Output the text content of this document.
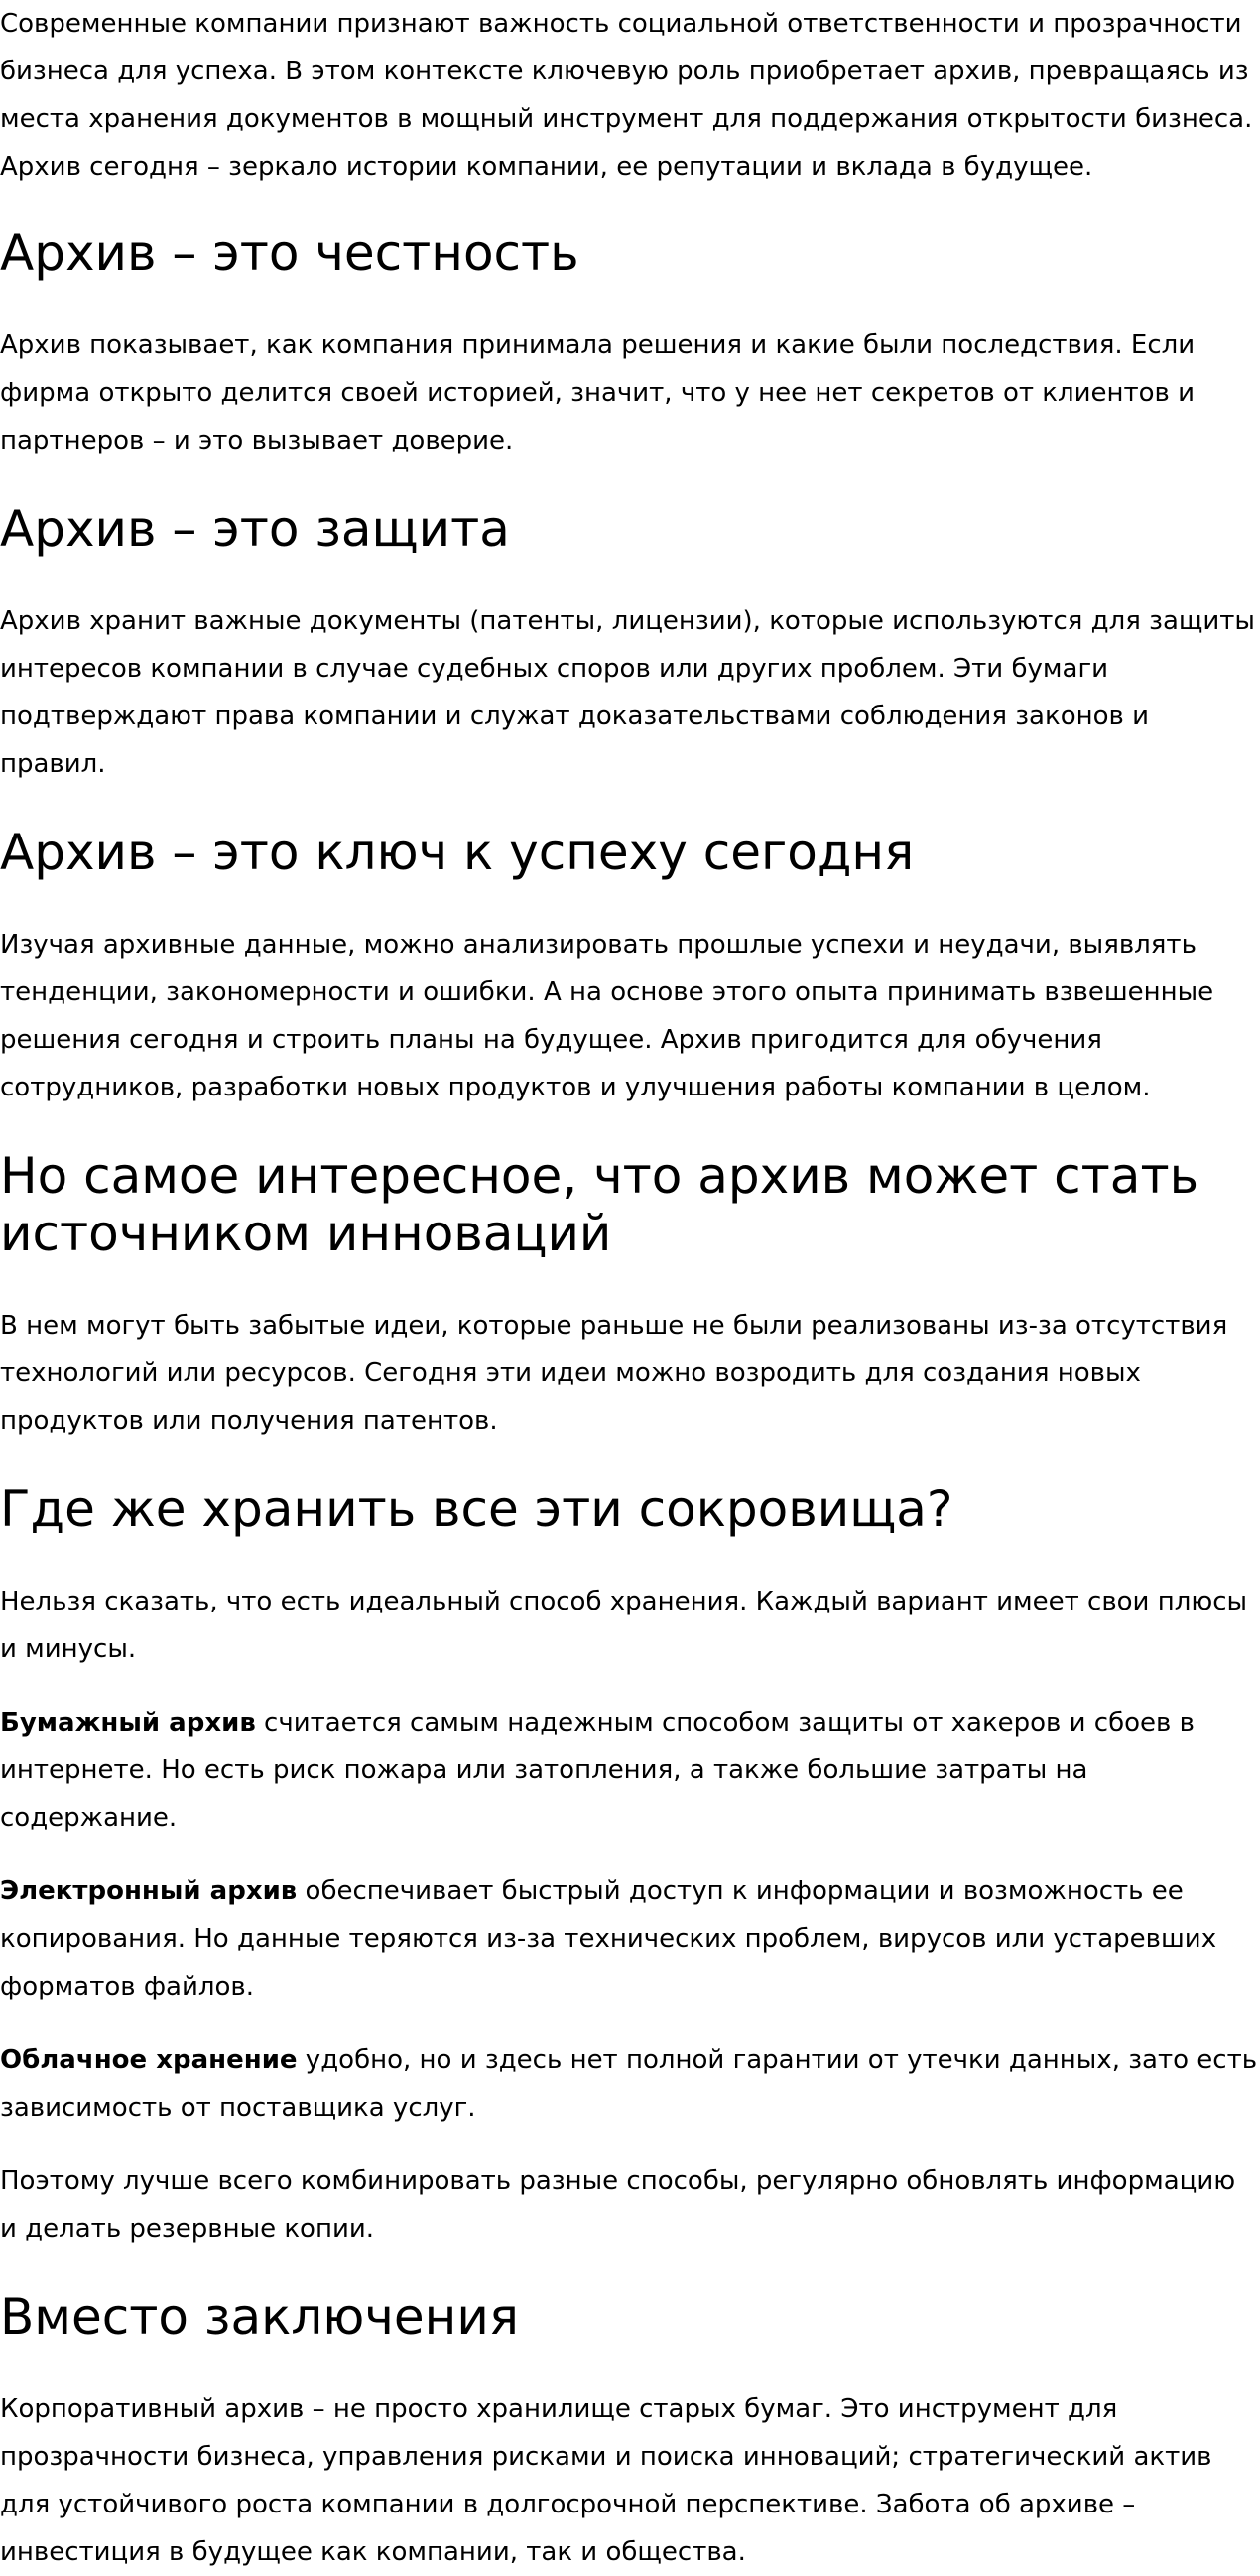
Современные компании признают важность социальной ответственности и прозрачности бизнеса для успеха. В этом контексте ключевую роль приобретает архив, превращаясь из места хранения документов в мощный инструмент для поддержания открытости бизнеса. Архив сегодня – зеркало истории компании, ее репутации и вклада в будущее.

Архив – это честность

Архив показывает, как компания принимала решения и какие были последствия. Если фирма открыто делится своей историей, значит, что у нее нет секретов от клиентов и партнеров – и это вызывает доверие.

Архив – это защита

Архив хранит важные документы (патенты, лицензии), которые используются для защиты интересов компании в случае судебных споров или других проблем. Эти бумаги подтверждают права компании и служат доказательствами соблюдения законов и правил.

Архив – это ключ к успеху сегодня

Изучая архивные данные, можно анализировать прошлые успехи и неудачи, выявлять тенденции, закономерности и ошибки. А на основе этого опыта принимать взвешенные решения сегодня и строить планы на будущее. Архив пригодится для обучения сотрудников, разработки новых продуктов и улучшения работы компании в целом.

Но самое интересное, что архив может стать источником инноваций

В нем могут быть забытые идеи, которые раньше не были реализованы из-за отсутствия технологий или ресурсов. Сегодня эти идеи можно возродить для создания новых продуктов или получения патентов.

Где же хранить все эти сокровища?

Нельзя сказать, что есть идеальный способ хранения. Каждый вариант имеет свои плюсы и минусы.

Бумажный архив считается самым надежным способом защиты от хакеров и сбоев в интернете. Но есть риск пожара или затопления, а также большие затраты на содержание.

Электронный архив обеспечивает быстрый доступ к информации и возможность ее копирования. Но данные теряются из-за технических проблем, вирусов или устаревших форматов файлов.

Облачное хранение удобно, но и здесь нет полной гарантии от утечки данных, зато есть зависимость от поставщика услуг.

Поэтому лучше всего комбинировать разные способы, регулярно обновлять информацию и делать резервные копии.

Вместо заключения

Корпоративный архив – не просто хранилище старых бумаг. Это инструмент для прозрачности бизнеса, управления рисками и поиска инноваций; стратегический актив для устойчивого роста компании в долгосрочной перспективе. Забота об архиве – инвестиция в будущее как компании, так и общества.
